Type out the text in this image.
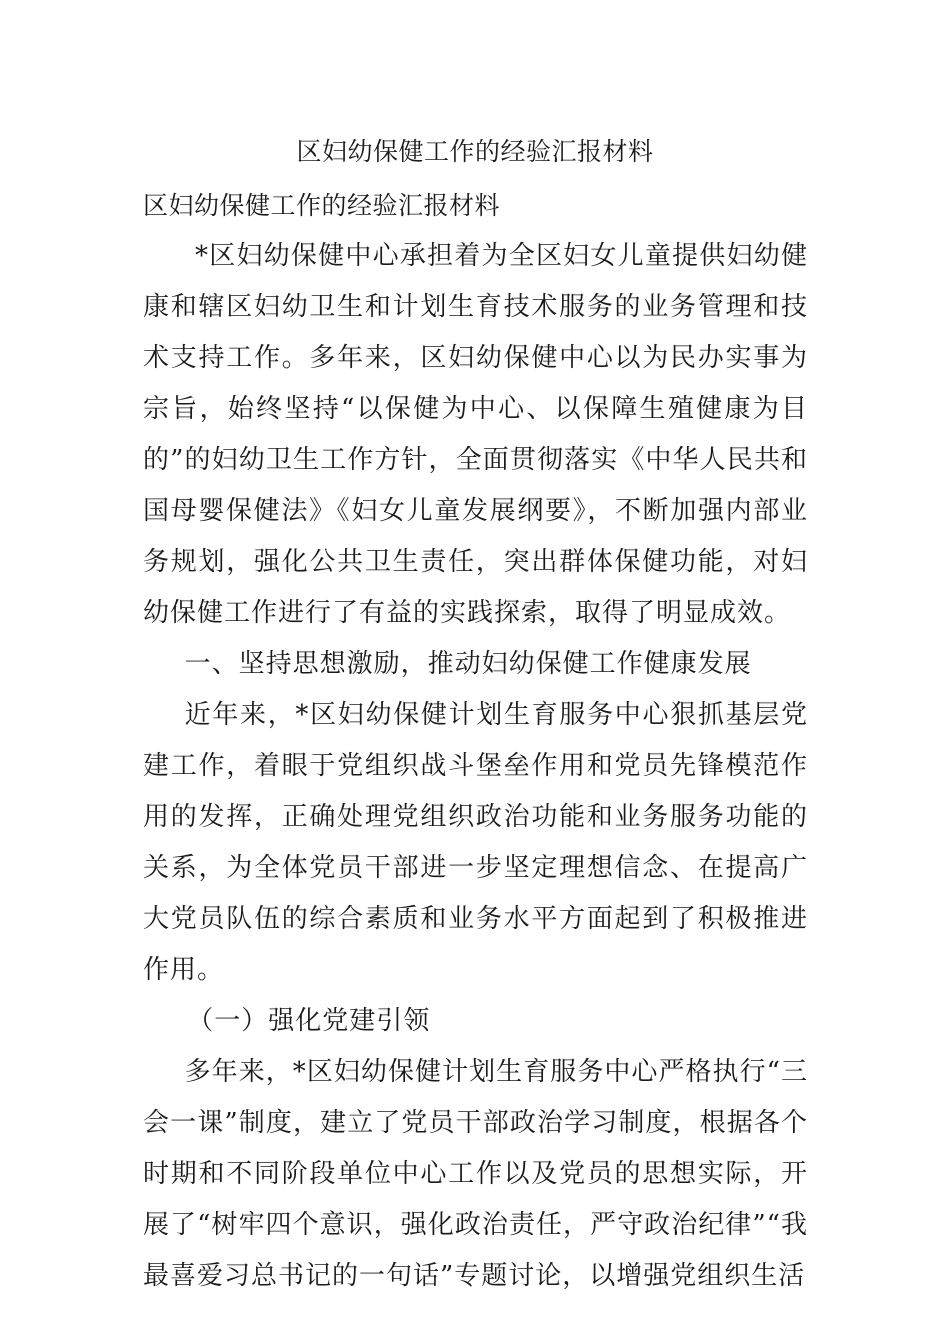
区妇幼保健工作的经验汇报材料

区妇幼保健工作的经验汇报材料

*区妇幼保健中心承担着为全区妇女儿童提供妇幼健康和辖区妇幼卫生和计划生育技术服务的业务管理和技术支持工作。多年来，区妇幼保健中心以为民办实事为宗旨，始终坚持“以保健为中心、以保障生殖健康为目的”的妇幼卫生工作方针，全面贯彻落实《中华人民共和国母婴保健法》《妇女儿童发展纲要》，不断加强内部业务规划，强化公共卫生责任，突出群体保健功能，对妇幼保健工作进行了有益的实践探索，取得了明显成效。

一、坚持思想激励，推动妇幼保健工作健康发展

近年来，*区妇幼保健计划生育服务中心狠抓基层党建工作，着眼于党组织战斗堡垒作用和党员先锋模范作用的发挥，正确处理党组织政治功能和业务服务功能的关系，为全体党员干部进一步坚定理想信念、在提高广大党员队伍的综合素质和业务水平方面起到了积极推进作用。

（一）强化党建引领

多年来，*区妇幼保健计划生育服务中心严格执行“三会一课”制度，建立了党员干部政治学习制度，根据各个时期和不同阶段单位中心工作以及党员的思想实际，开展了“树牢四个意识，强化政治责任，严守政治纪律”“我最喜爱习总书记的一句话”专题讨论，以增强党组织生活
